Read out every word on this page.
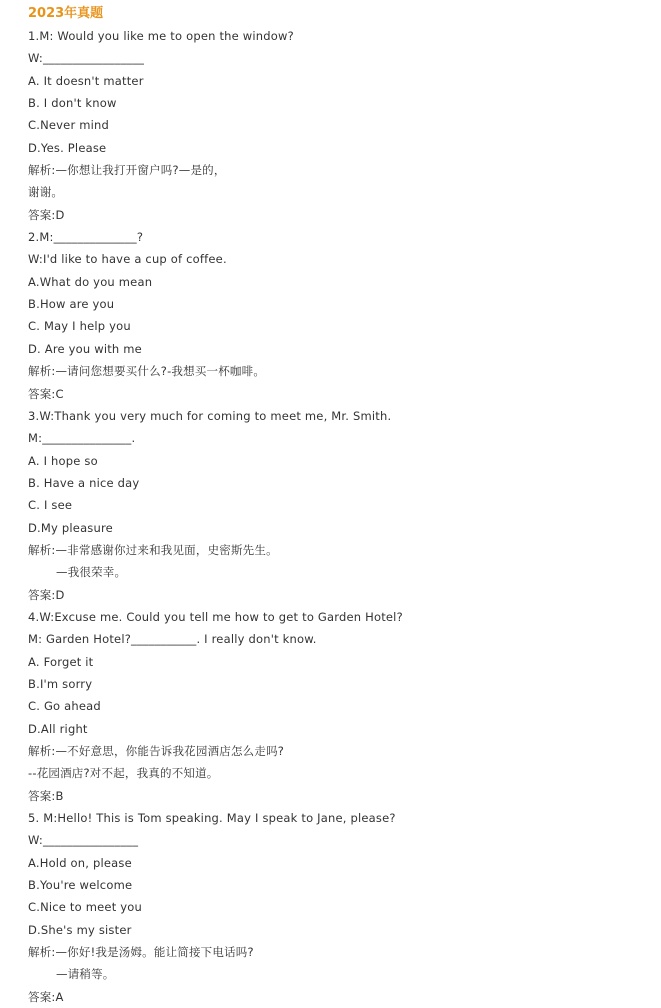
2023年真题
1.M: Would you like me to open the window?
W:_________________
A. It doesn't matter
B. I don't know
C.Never mind
D.Yes. Please
解析:—你想让我打开窗户吗?—是的，
谢谢。
答案:D
2.M:______________?
W:I'd like to have a cup of coffee.
A.What do you mean
B.How are you
C. May I help you
D. Are you with me
解析:—请问您想要买什么?-我想买一杯咖啡。
答案:C
3.W:Thank you very much for coming to meet me, Mr. Smith.
M:_______________.
A. I hope so
B. Have a nice day
C. I see
D.My pleasure
解析:—非常感谢你过来和我见面，史密斯先生。
—我很荣幸。
答案:D
4.W:Excuse me. Could you tell me how to get to Garden Hotel?
M: Garden Hotel?___________. I really don't know.
A. Forget it
B.I'm sorry
C. Go ahead
D.All right
解析:—不好意思，你能告诉我花园酒店怎么走吗?
--花园酒店?对不起，我真的不知道。
答案:B
5. M:Hello! This is Tom speaking. May I speak to Jane, please?
W:________________
A.Hold on, please
B.You're welcome
C.Nice to meet you
D.She's my sister
解析:—你好!我是汤姆。能让简接下电话吗?
—请稍等。
答案:A
